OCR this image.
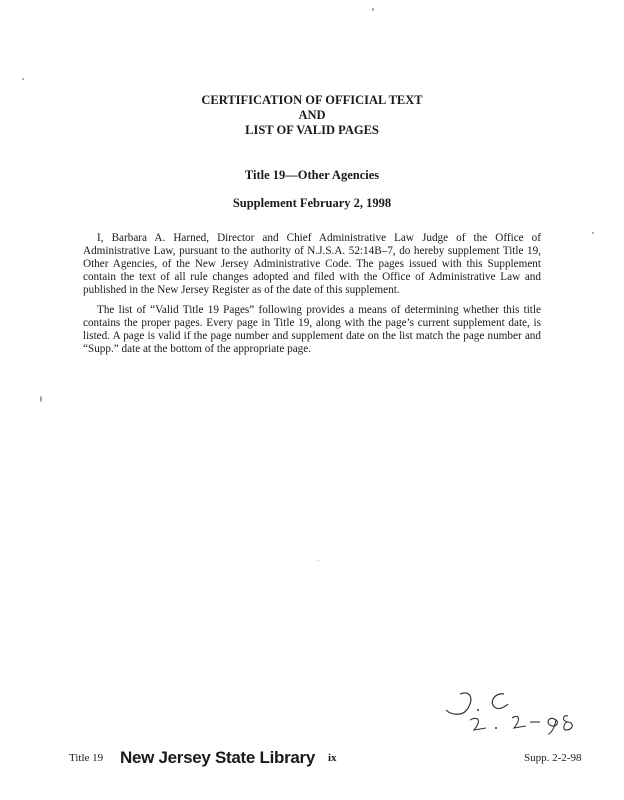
CERTIFICATION OF OFFICIAL TEXT
AND
LIST OF VALID PAGES
Title 19—Other Agencies
Supplement February 2, 1998

I, Barbara A. Harned, Director and Chief Administrative Law Judge of the Office of Administrative Law, pursuant to the authority of N.J.S.A. 52:14B–7, do hereby supplement Title 19, Other Agencies, of the New Jersey Administrative Code. The pages issued with this Supplement contain the text of all rule changes adopted and filed with the Office of Administrative Law and published in the New Jersey Register as of the date of this supplement.

The list of “Valid Title 19 Pages” following provides a means of determining whether this title contains the proper pages. Every page in Title 19, along with the page’s current supplement date, is listed. A page is valid if the page number and supplement date on the list match the page number and “Supp.” date at the bottom of the appropriate page.

Title 19 New Jersey State Library ix	Supp. 2-2-98
